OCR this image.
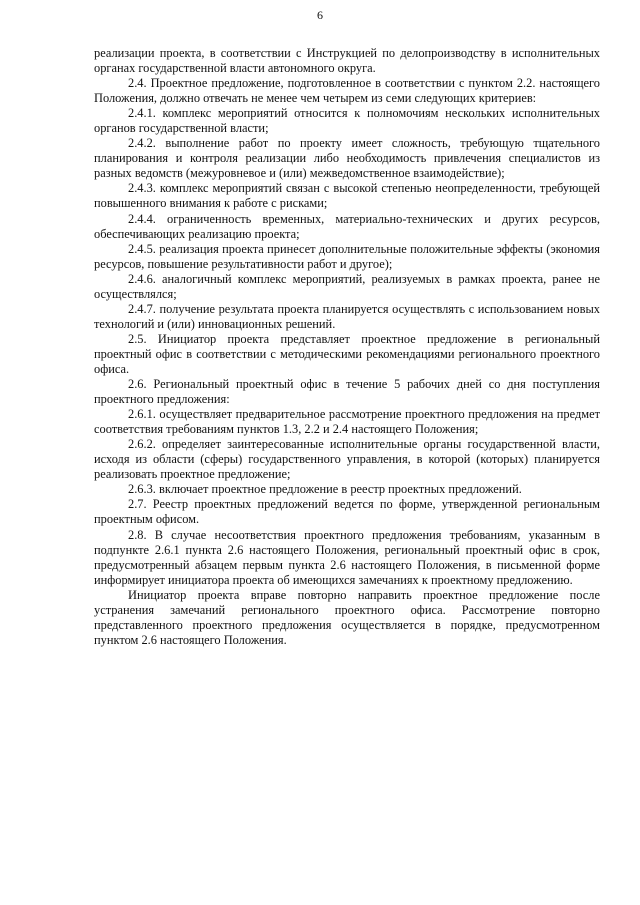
6

реализации проекта, в соответствии с Инструкцией по делопроизводству в исполнительных органах государственной власти автономного округа.

2.4. Проектное предложение, подготовленное в соответствии с пунктом 2.2. настоящего Положения, должно отвечать не менее чем четырем из семи следующих критериев:

2.4.1. комплекс мероприятий относится к полномочиям нескольких исполнительных органов государственной власти;

2.4.2. выполнение работ по проекту имеет сложность, требующую тщательного планирования и контроля реализации либо необходимость привлечения специалистов из разных ведомств (межуровневое и (или) межведомственное взаимодействие);

2.4.3. комплекс мероприятий связан с высокой степенью неопределенности, требующей повышенного внимания к работе с рисками;

2.4.4. ограниченность временных, материально-технических и других ресурсов, обеспечивающих реализацию проекта;

2.4.5. реализация проекта принесет дополнительные положительные эффекты (экономия ресурсов, повышение результативности работ и другое);

2.4.6. аналогичный комплекс мероприятий, реализуемых в рамках проекта, ранее не осуществлялся;

2.4.7. получение результата проекта планируется осуществлять с использованием новых технологий и (или) инновационных решений.

2.5. Инициатор проекта представляет проектное предложение в региональный проектный офис в соответствии с методическими рекомендациями регионального проектного офиса.

2.6. Региональный проектный офис в течение 5 рабочих дней со дня поступления проектного предложения:

2.6.1. осуществляет предварительное рассмотрение проектного предложения на предмет соответствия требованиям пунктов 1.3, 2.2 и 2.4 настоящего Положения;

2.6.2. определяет заинтересованные исполнительные органы государственной власти, исходя из области (сферы) государственного управления, в которой (которых) планируется реализовать проектное предложение;

2.6.3. включает проектное предложение в реестр проектных предложений.

2.7. Реестр проектных предложений ведется по форме, утвержденной региональным проектным офисом.

2.8. В случае несоответствия проектного предложения требованиям, указанным в подпункте 2.6.1 пункта 2.6 настоящего Положения, региональный проектный офис в срок, предусмотренный абзацем первым пункта 2.6 настоящего Положения, в письменной форме информирует инициатора проекта об имеющихся замечаниях к проектному предложению.

Инициатор проекта вправе повторно направить проектное предложение после устранения замечаний регионального проектного офиса. Рассмотрение повторно представленного проектного предложения осуществляется в порядке, предусмотренном пунктом 2.6 настоящего Положения.
